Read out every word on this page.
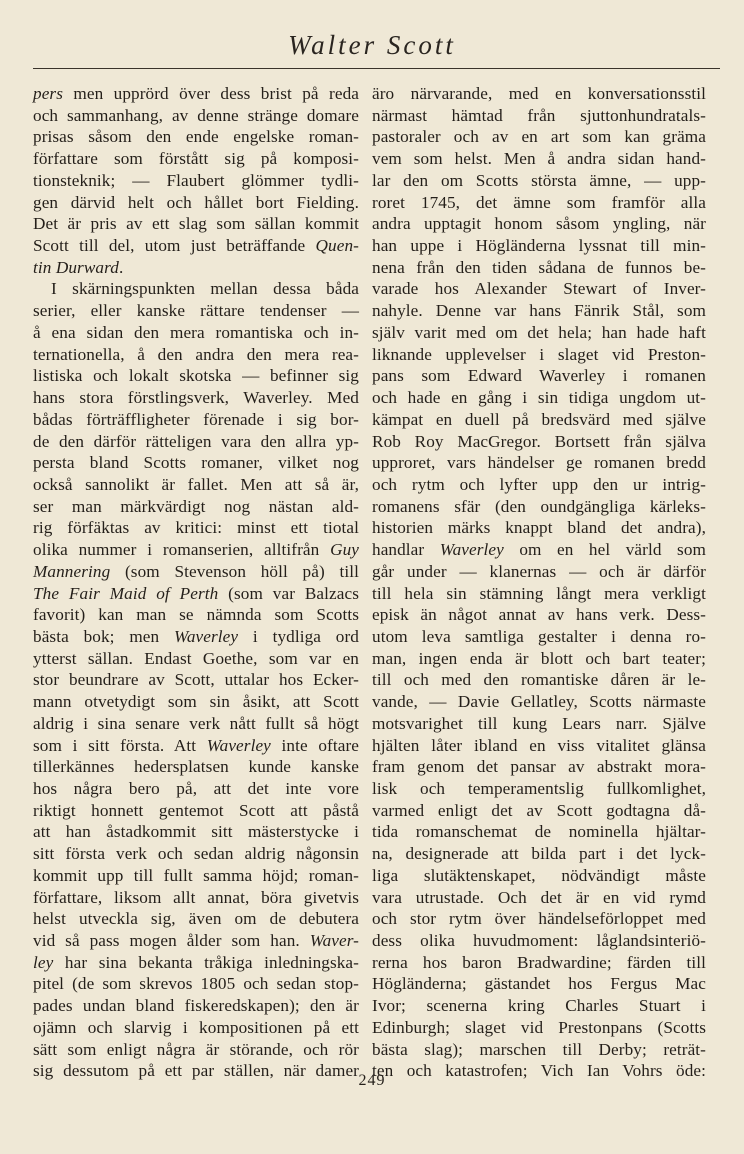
Walter Scott
pers men upprörd över dess brist på reda
och sammanhang, av denne stränge domare
prisas såsom den ende engelske roman-
författare som förstått sig på komposi-
tionsteknik; — Flaubert glömmer tydli-
gen därvid helt och hållet bort Fielding.
Det är pris av ett slag som sällan kommit
Scott till del, utom just beträffande Quen-
tin Durward.
I skärningspunkten mellan dessa båda
serier, eller kanske rättare tendenser —
å ena sidan den mera romantiska och in-
ternationella, å den andra den mera rea-
listiska och lokalt skotska — befinner sig
hans stora förstlingsverk, Waverley. Med
bådas förträffligheter förenade i sig bor-
de den därför rätteligen vara den allra yp-
persta bland Scotts romaner, vilket nog
också sannolikt är fallet. Men att så är,
ser man märkvärdigt nog nästan ald-
rig förfäktas av kritici: minst ett tiotal
olika nummer i romanserien, alltifrån Guy
Mannering (som Stevenson höll på) till
The Fair Maid of Perth (som var Balzacs
favorit) kan man se nämnda som Scotts
bästa bok; men Waverley i tydliga ord
ytterst sällan. Endast Goethe, som var en
stor beundrare av Scott, uttalar hos Ecker-
mann otvetydigt som sin åsikt, att Scott
aldrig i sina senare verk nått fullt så högt
som i sitt första. Att Waverley inte oftare
tillerkännes hedersplatsen kunde kanske
hos några bero på, att det inte vore
riktigt honnett gentemot Scott att påstå
att han åstadkommit sitt mästerstycke i
sitt första verk och sedan aldrig någonsin
kommit upp till fullt samma höjd; roman-
författare, liksom allt annat, böra givetvis
helst utveckla sig, även om de debutera
vid så pass mogen ålder som han. Waver-
ley har sina bekanta tråkiga inledningska-
pitel (de som skrevos 1805 och sedan stop-
pades undan bland fiskeredskapen); den är
ojämn och slarvig i kompositionen på ett
sätt som enligt några är störande, och rör
sig dessutom på ett par ställen, när damer
äro närvarande, med en konversationsstil
närmast hämtad från sjuttonhundratals-
pastoraler och av en art som kan gräma
vem som helst. Men å andra sidan hand-
lar den om Scotts största ämne, — upp-
roret 1745, det ämne som framför alla
andra upptagit honom såsom yngling, när
han uppe i Högländerna lyssnat till min-
nena från den tiden sådana de funnos be-
varade hos Alexander Stewart of Inver-
nahyle. Denne var hans Fänrik Stål, som
själv varit med om det hela; han hade haft
liknande upplevelser i slaget vid Preston-
pans som Edward Waverley i romanen
och hade en gång i sin tidiga ungdom ut-
kämpat en duell på bredsvärd med själve
Rob Roy MacGregor. Bortsett från själva
upproret, vars händelser ge romanen bredd
och rytm och lyfter upp den ur intrig-
romanens sfär (den oundgängliga kärleks-
historien märks knappt bland det andra),
handlar Waverley om en hel värld som
går under — klanernas — och är därför
till hela sin stämning långt mera verkligt
episk än något annat av hans verk. Dess-
utom leva samtliga gestalter i denna ro-
man, ingen enda är blott och bart teater;
till och med den romantiske dåren är le-
vande, — Davie Gellatley, Scotts närmaste
motsvarighet till kung Lears narr. Själve
hjälten låter ibland en viss vitalitet glänsa
fram genom det pansar av abstrakt mora-
lisk och temperamentslig fullkomlighet,
varmed enligt det av Scott godtagna då-
tida romanschemat de nominella hjältar-
na, designerade att bilda part i det lyck-
liga slutäktenskapet, nödvändigt måste
vara utrustade. Och det är en vid rymd
och stor rytm över händelseförloppet med
dess olika huvudmoment: låglandsinteriö-
rerna hos baron Bradwardine; färden till
Högländerna; gästandet hos Fergus Mac
Ivor; scenerna kring Charles Stuart i
Edinburgh; slaget vid Prestonpans (Scotts
bästa slag); marschen till Derby; reträt-
ten och katastrofen; Vich Ian Vohrs öde:
249
